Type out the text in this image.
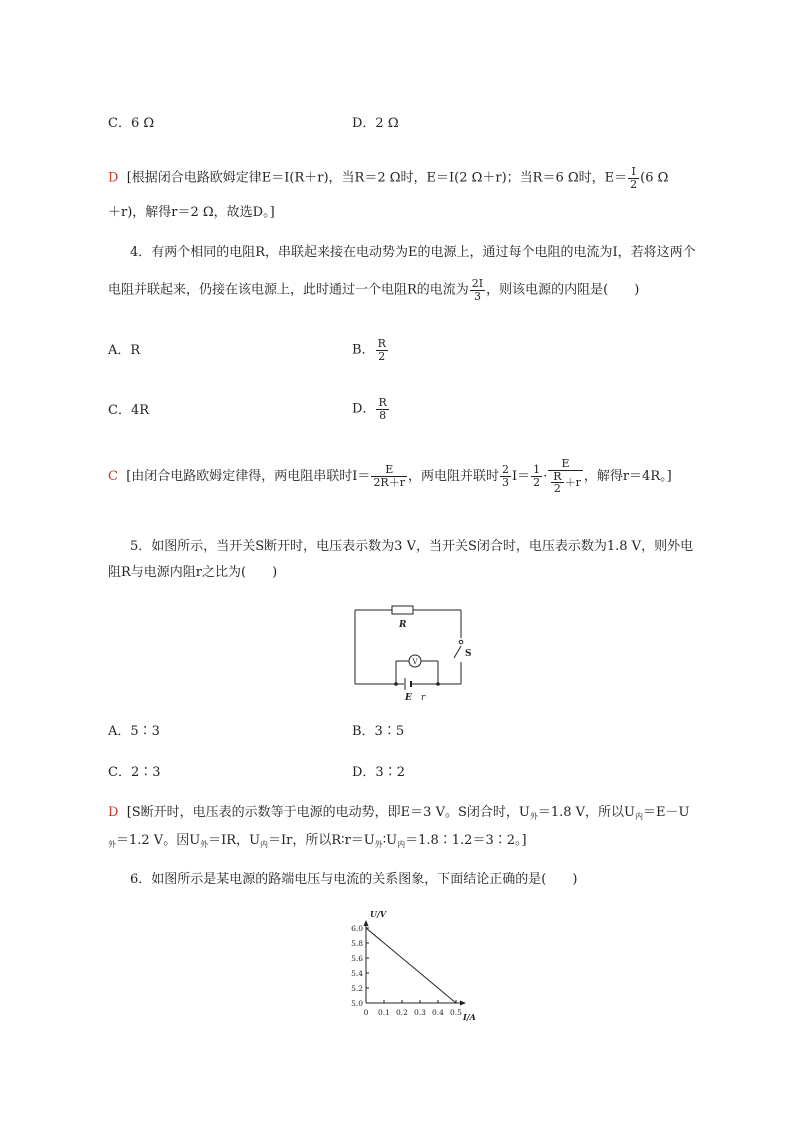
C．6 Ω	D．2 Ω
D [根据闭合电路欧姆定律E＝I(R＋r)，当R＝2 Ω时，E＝I(2 Ω＋r)；当R＝6 Ω时，$E= \frac{I}{2} (6$ Ω
＋r)，解得r＝2 Ω，故选D。]
4．有两个相同的电阻R，串联起来接在电动势为E的电源上，通过每个电阻的电流为I，若将这两个
电阻并联起来，仍接在该电源上，此时通过一个电阻R的电流为 $\frac{2I}{3}$ ，则该电源的内阻是(　　)
A．R	B． $\frac{R}{2}$
C．4R	D． $\frac{R}{8}$
C [由闭合电路欧姆定律得，两电阻串联时$I= \frac{E}{2R+r}$ ，两电阻并联时 $\frac{2}{3} I= \frac{1}{2} \cdot \frac{E}{\frac{R}{2} +r}$ ，解得r＝4R。]
5．如图所示，当开关S断开时，电压表示数为3 V，当开关S闭合时，电压表示数为1.8 V，则外电
阻R与电源内阻r之比为(　　)
R
S
V
E r
A．5∶3	B．3∶5
C．2∶3	D．3∶2
D [S断开时，电压表的示数等于电源的电动势，即E＝3 V。S闭合时，$U_外=1.8$ V，所以$U_内=E-U$
$_外$＝1.2 V。因$U_外=IR$，$U_内=Ir$，所以$R∶r=U_外∶U_内=1.8∶1.2=3∶2$。]
6．如图所示是某电源的路端电压与电流的关系图象，下面结论正确的是(　　)
0 0.1 0.2 0.3 0.4 0.5
5.0
5.2
5.4
5.6
5.8
6.0
U/V
I/A
